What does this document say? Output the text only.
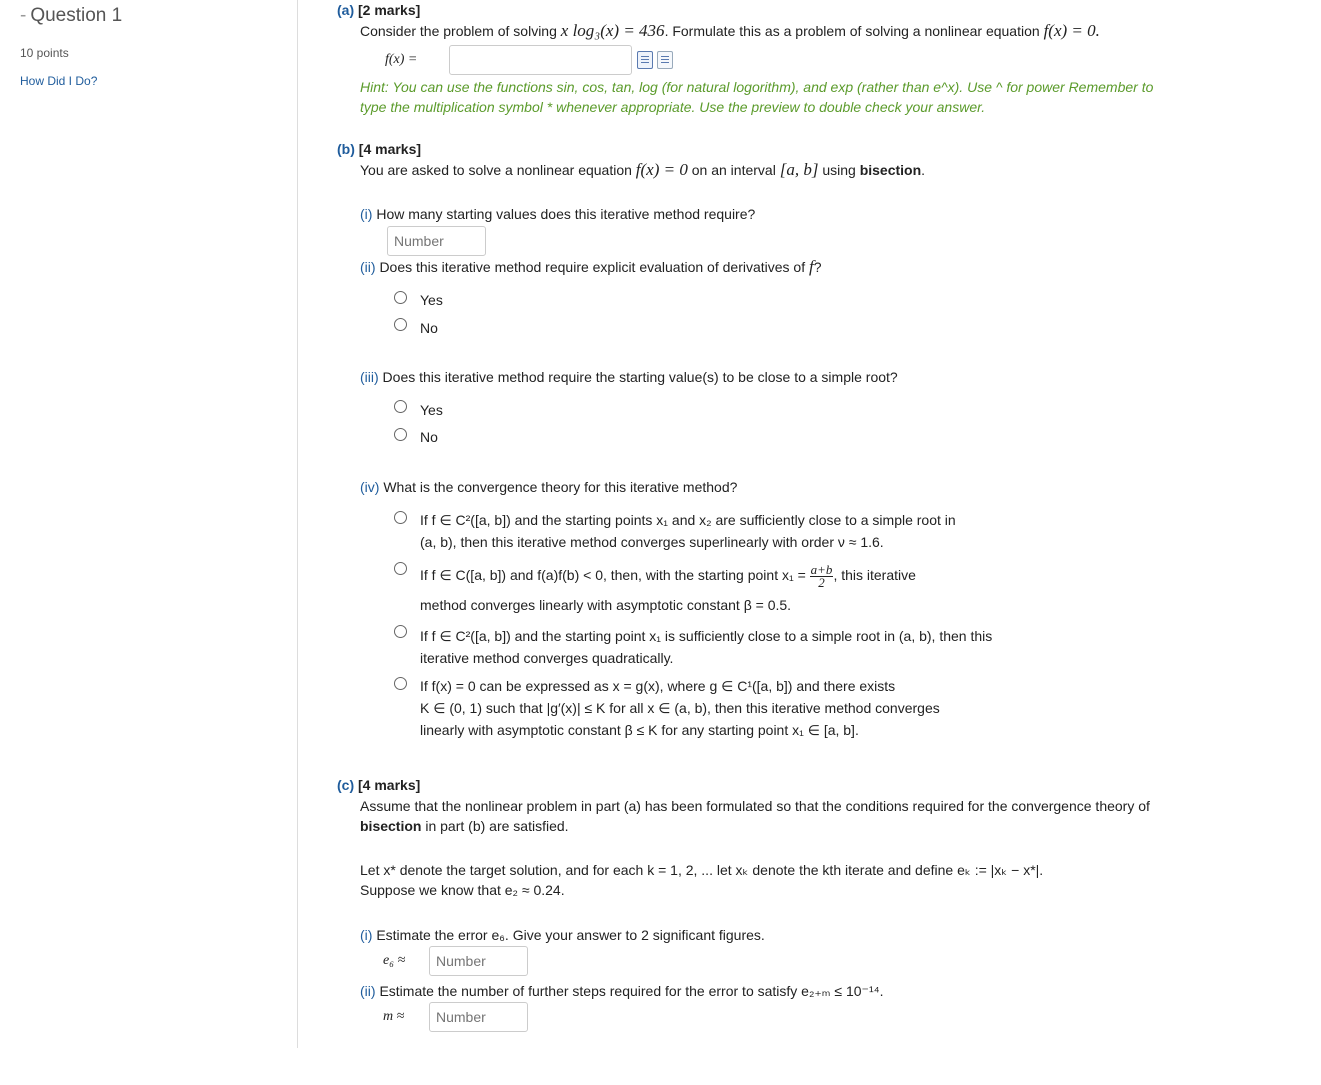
- Question 1
10 points
How Did I Do?
(a) [2 marks]
Consider the problem of solving x log₃(x) = 436. Formulate this as a problem of solving a nonlinear equation f(x) = 0.
f(x) =
Hint: You can use the functions sin, cos, tan, log (for natural logorithm), and exp (rather than e^x). Use ^ for power Remember to type the multiplication symbol * whenever appropriate. Use the preview to double check your answer.
(b) [4 marks]
You are asked to solve a nonlinear equation f(x) = 0 on an interval [a, b] using bisection.
(i) How many starting values does this iterative method require?
Number
(ii) Does this iterative method require explicit evaluation of derivatives of f?
Yes
No
(iii) Does this iterative method require the starting value(s) to be close to a simple root?
Yes
No
(iv) What is the convergence theory for this iterative method?
If f ∈ C²([a, b]) and the starting points x₁ and x₂ are sufficiently close to a simple root in
(a, b), then this iterative method converges superlinearly with order ν ≈ 1.6.
If f ∈ C([a, b]) and f(a)f(b) < 0, then, with the starting point $x_1 = \frac{a+b}{2}$ , this iterative
method converges linearly with asymptotic constant β = 0.5.
If f ∈ C²([a, b]) and the starting point x₁ is sufficiently close to a simple root in (a, b), then this
iterative method converges quadratically.
If f(x) = 0 can be expressed as x = g(x), where g ∈ C¹([a, b]) and there exists
K ∈ (0, 1) such that |g′(x)| ≤ K for all x ∈ (a, b), then this iterative method converges
linearly with asymptotic constant β ≤ K for any starting point x₁ ∈ [a, b].
(c) [4 marks]
Assume that the nonlinear problem in part (a) has been formulated so that the conditions required for the convergence theory of
bisection in part (b) are satisfied.
Let x* denote the target solution, and for each k = 1, 2, ... let xₖ denote the kth iterate and define eₖ := |xₖ − x*|.
Suppose we know that e₂ ≈ 0.24.
(i) Estimate the error e₆. Give your answer to 2 significant figures.
e₆ ≈
Number
(ii) Estimate the number of further steps required for the error to satisfy e₂₊ₘ ≤ 10⁻¹⁴.
m ≈
Number
